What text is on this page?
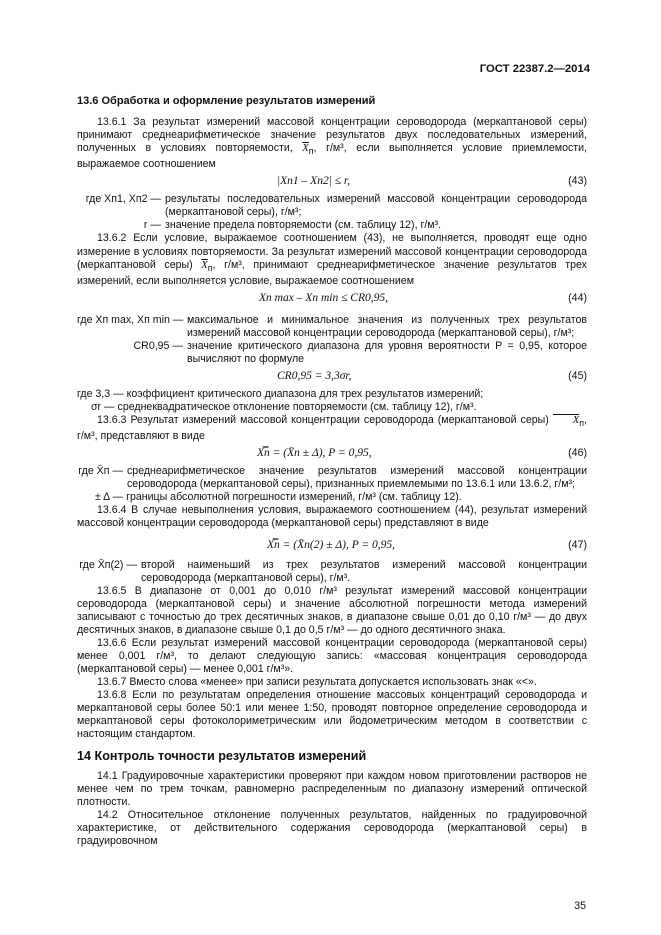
ГОСТ 22387.2—2014
13.6 Обработка и оформление результатов измерений

13.6.1 За результат измерений массовой концентрации сероводорода (меркаптановой серы) принимают среднеарифметическое значение результатов двух последовательных измерений, полученных в условиях повторяемости, $\overline{X}_п$, г/м³, если выполняется условие приемлемости, выражаемое соотношением

|Xп1 – Xп2| ≤ r,	(43)
где Xп1, Xп2 — результаты последовательных измерений массовой концентрации сероводорода (меркаптановой серы), г/м³;
r — значение предела повторяемости (см. таблицу 12), г/м³.

13.6.2 Если условие, выражаемое соотношением (43), не выполняется, проводят еще одно измерение в условиях повторяемости. За результат измерений массовой концентрации сероводорода (меркаптановой серы) $\overline{X}_п$, г/м³, принимают среднеарифметическое значение результатов трех измерений, если выполняется условие, выражаемое соотношением

Xп max – Xп min ≤ CR0,95,	(44)
где Xп max, Xп min — максимальное и минимальное значения из полученных трех результатов измерений массовой концентрации сероводорода (меркаптановой серы), г/м³;
CR0,95 — значение критического диапазона для уровня вероятности P = 0,95, которое вычисляют по формуле
CR0,95 = 3,3σr,	(45)

где 3,3 — коэффициент критического диапазона для трех результатов измерений;

σr — среднеквадратическое отклонение повторяемости (см. таблицу 12), г/м³.

13.6.3 Результат измерений массовой концентрации сероводорода (меркаптановой серы) $\overline{X}_п$, г/м³, представляют в виде

X̿п = (X̄п ± Δ), P = 0,95,	(46)
где X̄п — среднеарифметическое значение результатов измерений массовой концентрации сероводорода (меркаптановой серы), признанных приемлемыми по 13.6.1 или 13.6.2, г/м³;

± Δ — границы абсолютной погрешности измерений, г/м³ (см. таблицу 12).

13.6.4 В случае невыполнения условия, выражаемого соотношением (44), результат измерений массовой концентрации сероводорода (меркаптановой серы) представляют в виде

X̿п = (X̄п(2) ± Δ), P = 0,95,	(47)
где X̄п(2) — второй наименьший из трех результатов измерений массовой концентрации сероводорода (меркаптановой серы), г/м³.

13.6.5 В диапазоне от 0,001 до 0,010 г/м³ результат измерений массовой концентрации сероводорода (меркаптановой серы) и значение абсолютной погрешности метода измерений записывают с точностью до трех десятичных знаков, в диапазоне свыше 0,01 до 0,10 г/м³ — до двух десятичных знаков, в диапазоне свыше 0,1 до 0,5 г/м³ — до одного десятичного знака.

13.6.6 Если результат измерений массовой концентрации сероводорода (меркаптановой серы) менее 0,001 г/м³, то делают следующую запись: «массовая концентрация сероводорода (меркаптановой серы) — менее 0,001 г/м³».

13.6.7 Вместо слова «менее» при записи результата допускается использовать знак «<».

13.6.8 Если по результатам определения отношение массовых концентраций сероводорода и меркаптановой серы более 50:1 или менее 1:50, проводят повторное определение сероводорода и меркаптановой серы фотоколориметрическим или йодометрическим методом в соответствии с настоящим стандартом.

14 Контроль точности результатов измерений

14.1 Градуировочные характеристики проверяют при каждом новом приготовлении растворов не менее чем по трем точкам, равномерно распределенным по диапазону измерений оптической плотности.

14.2 Относительное отклонение полученных результатов, найденных по градуировочной характеристике, от действительного содержания сероводорода (меркаптановой серы) в градуировочном

35
